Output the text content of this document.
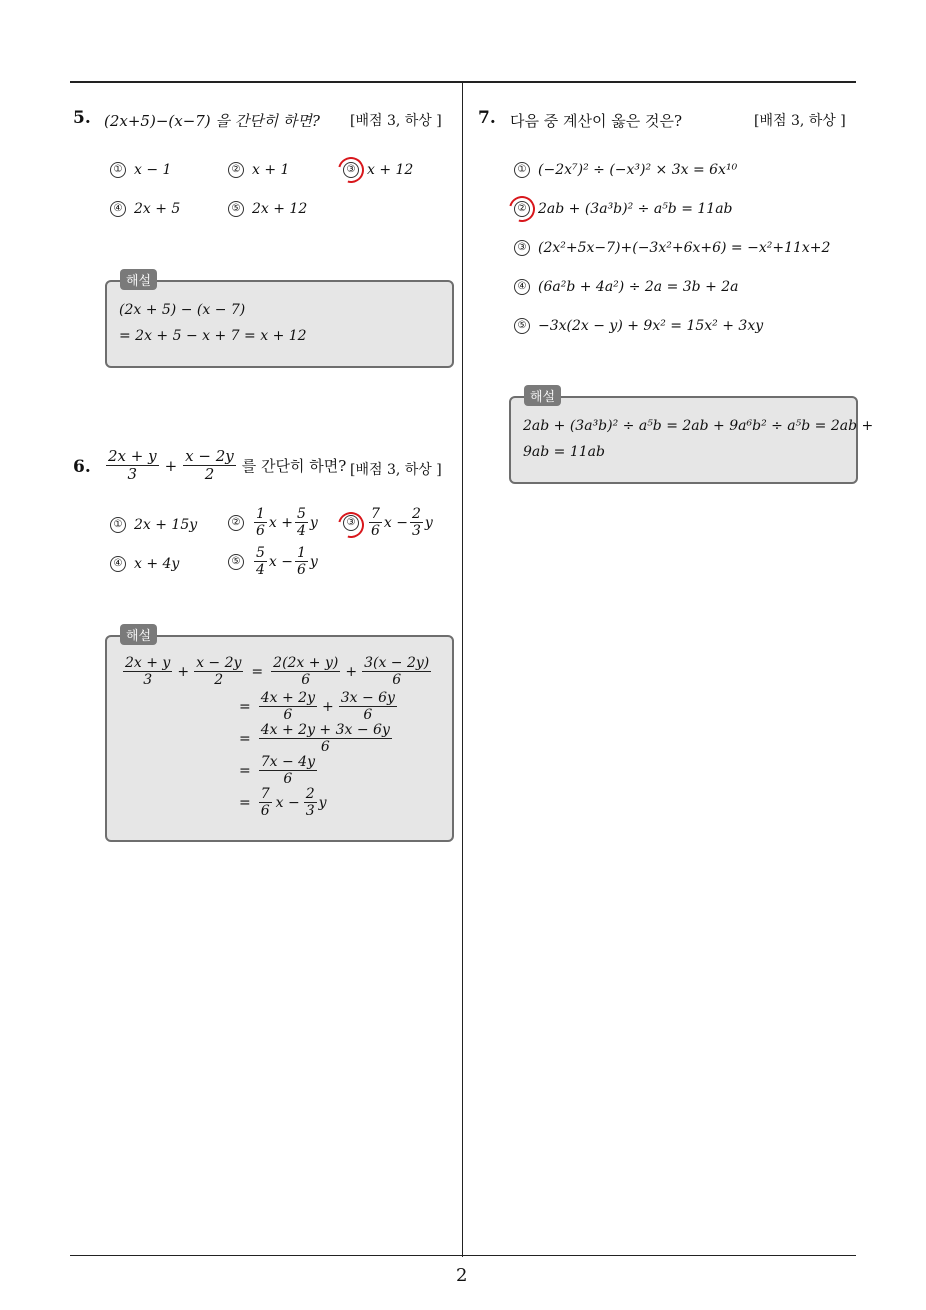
5. (2x+5)−(x−7) 을 간단히 하면? [배점 3, 하상 ]
① x − 1	② x + 1	③ x + 12
④ 2x + 5	⑤ 2x + 12
(2x + 5) − (x − 7)
= 2x + 5 − x + 7 = x + 12
해설
6. $\frac{2x + y}{3} + \frac{x - 2y}{2}$ 를 간단히 하면? [배점 3, 하상 ]
① 2x + 15y	② $\frac{1}{6}$ $x + \frac{5}{4}$ y	③ $\frac{7}{6}$ $x - \frac{2}{3}$ y
④ x + 4y	⑤ $\frac{5}{4}$ $x - \frac{1}{6}$ y
$\frac{2x + y}{3} + \frac{x - 2y}{2} = \frac{2(2x + y)}{6} + \frac{3(x - 2y)}{6}$
= $\frac{4x + 2y}{6} + \frac{3x - 6y}{6}$
= $\frac{4x + 2y + 3x - 6y}{6}$
= $\frac{7x - 4y}{6}$
= $\frac{7}{6}$ $x - \frac{2}{3}$ y
해설
7. 다음 중 계산이 옳은 것은?	[배점 3, 하상 ]
① (−2x⁷)² ÷ (−x³)² × 3x = 6x¹⁰
② 2ab + (3a³b)² ÷ a⁵b = 11ab
③ (2x²+5x−7)+(−3x²+6x+6) = −x²+11x+2
④ (6a²b + 4a²) ÷ 2a = 3b + 2a
⑤ −3x(2x − y) + 9x² = 15x² + 3xy
2ab + (3a³b)² ÷ a⁵b = 2ab + 9a⁶b² ÷ a⁵b = 2ab +
9ab = 11ab
해설
2
